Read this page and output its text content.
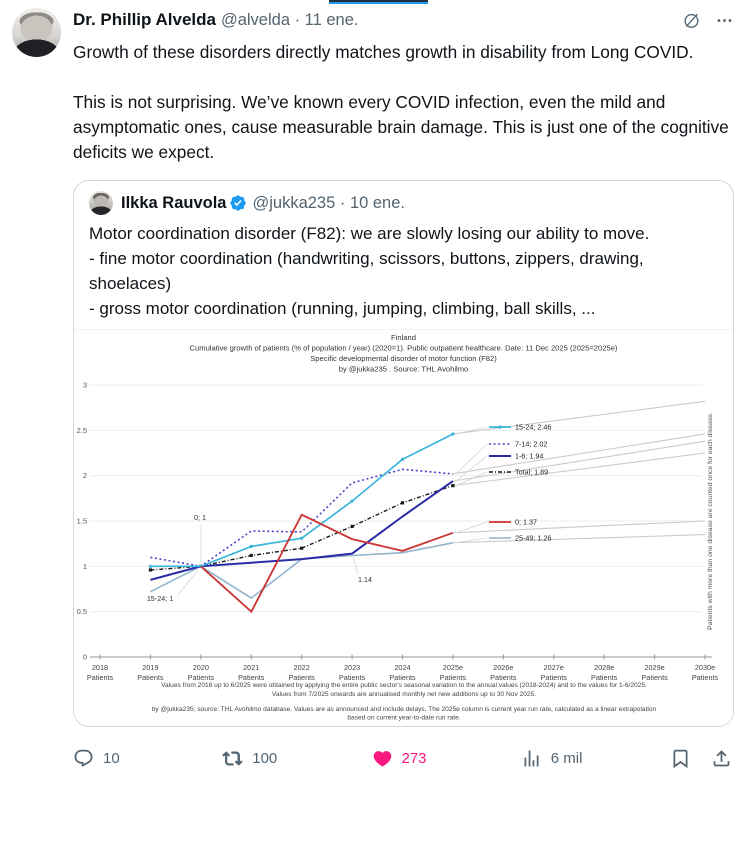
Dr. Phillip Alvelda @alvelda · 11 ene.

Growth of these disorders directly matches growth in disability from Long COVID.

This is not surprising. We’ve known every COVID infection, even the mild and asymptomatic ones, cause measurable brain damage. This is just one of the cognitive deficits we expect.

Ilkka Rauvola @jukka235 · 10 ene.
Motor coordination disorder (F82): we are slowly losing our ability to move.
- fine motor coordination (handwriting, scissors, buttons, zippers, drawing, shoelaces)
- gross motor coordination (running, jumping, climbing, ball skills, ...
Finland
Cumulative growth of patients (% of population / year) (2020=1). Public outpatient healthcare. Date: 11 Dec 2025 (2025=2025e)
Specific developmental disorder of motor function (F82)
by @jukka235 . Source: THL Avohilmo
0.5
1
1.5
2
2.5
3
0
2018
Patients
2019
Patients
2020
Patients
2021
Patients
2022
Patients
2023
Patients
2024
Patients
2025e
Patients
2026e
Patients
2027e
Patients
2028e
Patients
2029e
Patients
2030e
Patients
15-24; 2.46
7-14; 2.02
1-6; 1.94
Total; 1.89
0; 1.37
25-49; 1.26
0; 1
15-24; 1
1.14	Patients with more than one disease are counted once for each disease.
Values from 2018 up to 6/2025 were obtained by applying the entire public sector's seasonal variation to the annual values (2018-2024) and to the values for 1-6/2025.
Values from 7/2025 onwards are annualised monthly net new additions up to 30 Nov 2025.
by @jukka235; source: THL Avohilmo database. Values are as announced and include delays. The 2025e column is current year run rate, calculated as a linear extrapolation
based on current year-to-date run rate.
10	100	273	6 mil
